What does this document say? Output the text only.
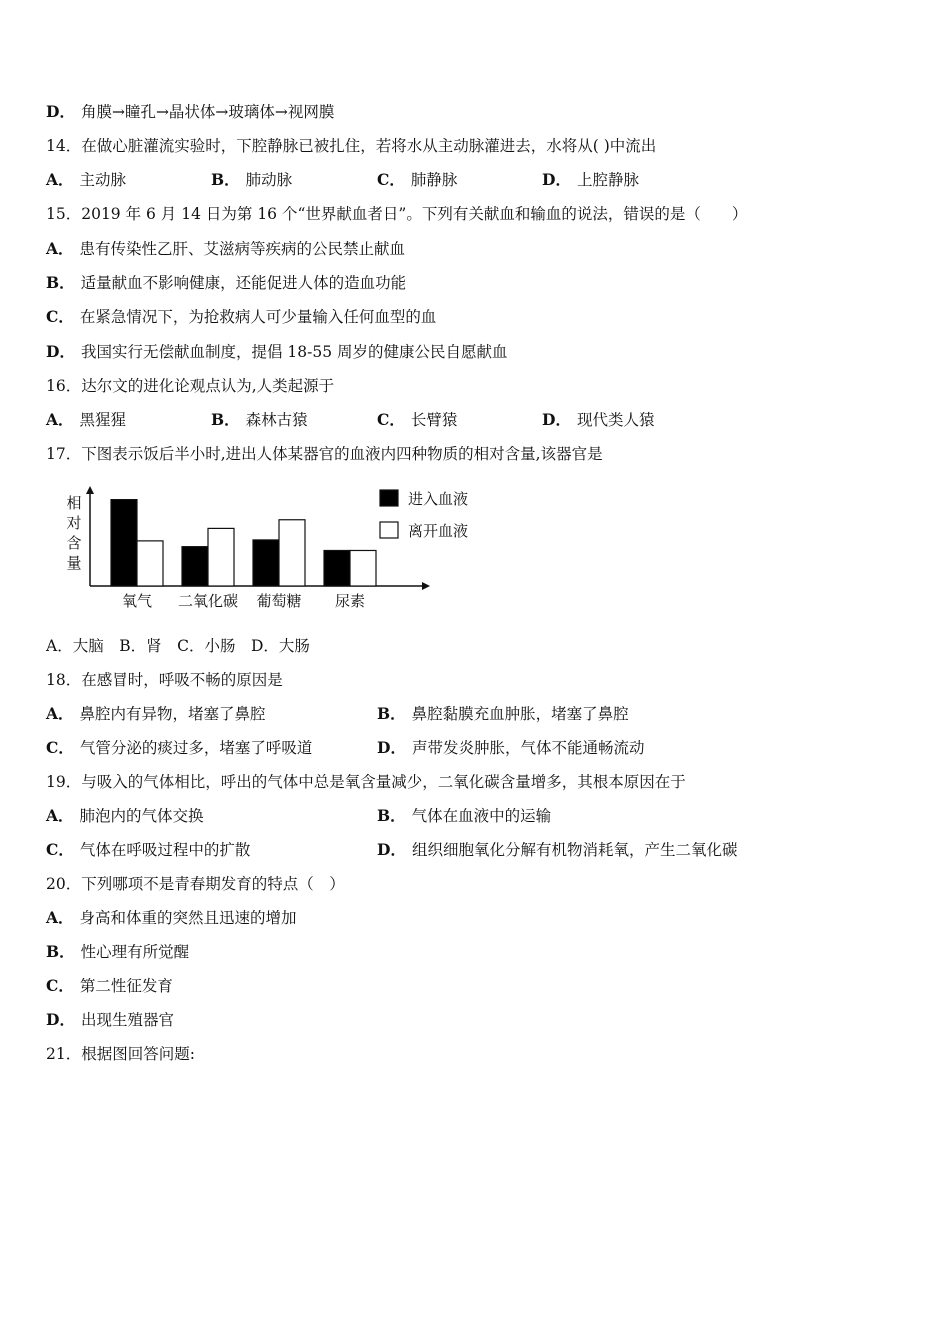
D． 角膜→瞳孔→晶状体→玻璃体→视网膜
14．在做心脏灌流实验时，下腔静脉已被扎住，若将水从主动脉灌进去，水将从( )中流出
A． 主动脉	B． 肺动脉	C． 肺静脉	D． 上腔静脉
15．2019 年 6 月 14 日为第 16 个“世界献血者日”。下列有关献血和输血的说法，错误的是（　　）
A． 患有传染性乙肝、艾滋病等疾病的公民禁止献血
B． 适量献血不影响健康，还能促进人体的造血功能
C． 在紧急情况下，为抢救病人可少量输入任何血型的血
D． 我国实行无偿献血制度，提倡 18-55 周岁的健康公民自愿献血
16．达尔文的进化论观点认为,人类起源于
A． 黑猩猩	B． 森林古猿	C． 长臂猿	D． 现代类人猿
17．下图表示饭后半小时,进出人体某器官的血液内四种物质的相对含量,该器官是
相
对
含
量
氧气 二氧化碳 葡萄糖 尿素
进入血液
离开血液
A．大脑　B．肾　C．小肠　D．大肠
18．在感冒时，呼吸不畅的原因是
A． 鼻腔内有异物，堵塞了鼻腔	B． 鼻腔黏膜充血肿胀，堵塞了鼻腔
C． 气管分泌的痰过多，堵塞了呼吸道	D． 声带发炎肿胀，气体不能通畅流动
19．与吸入的气体相比，呼出的气体中总是氧含量减少，二氧化碳含量增多，其根本原因在于
A． 肺泡内的气体交换	B． 气体在血液中的运输
C． 气体在呼吸过程中的扩散	D． 组织细胞氧化分解有机物消耗氧，产生二氧化碳
20．下列哪项不是青春期发育的特点（　）
A． 身高和体重的突然且迅速的增加
B． 性心理有所觉醒
C． 第二性征发育
D． 出现生殖器官
21．根据图回答问题:
